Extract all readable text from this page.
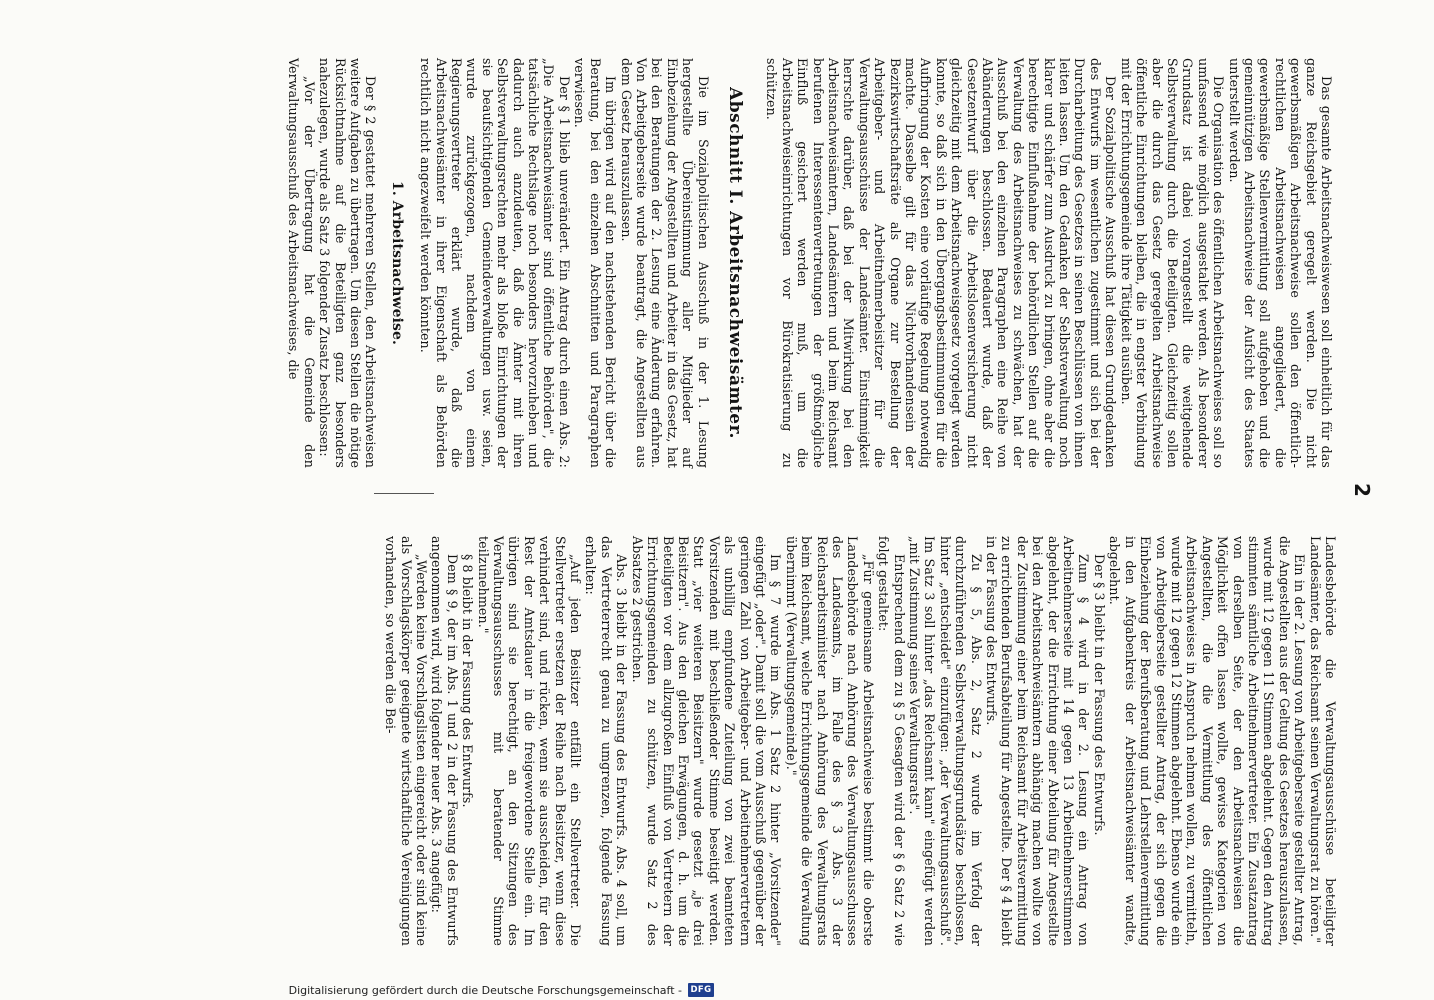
2

Das gesamte Arbeitsnachweiswesen soll einheitlich für das ganze Reichsgebiet geregelt werden. Die nicht gewerbsmäßigen Arbeitsnachweise sollen den öffentlich-rechtlichen Arbeitsnachweisen angegliedert, die gewerbsmäßige Stellenvermittlung soll aufgehoben und die gemeinnützigen Arbeitsnachweise der Aufsicht des Staates unterstellt werden.

Die Organisation des öffentlichen Arbeitsnachweises soll so umfassend wie möglich ausgestaltet werden. Als besonderer Grundsatz ist dabei vorangestellt die weitgehende Selbstverwaltung durch die Beteiligten. Gleichzeitig sollen aber die durch das Gesetz geregelten Arbeitsnachweise öffentliche Einrichtungen bleiben, die in engster Verbindung mit der Errichtungsgemeinde ihre Tätigkeit ausüben.

Der Sozialpolitische Ausschuß hat diesen Grundgedanken des Entwurfs im wesentlichen zugestimmt und sich bei der Durcharbeitung des Gesetzes in seinen Beschlüssen von ihnen leiten lassen. Um den Gedanken der Selbstverwaltung noch klarer und schärfer zum Ausdruck zu bringen, ohne aber die berechtigte Einflußnahme der behördlichen Stellen auf die Verwaltung des Arbeitsnachweises zu schwächen, hat der Ausschuß bei den einzelnen Paragraphen eine Reihe von Abänderungen beschlossen. Bedauert wurde, daß der Gesetzentwurf über die Arbeitslosenversicherung nicht gleichzeitig mit dem Arbeitsnachweisgesetz vorgelegt werden konnte, so daß sich in den Übergangsbestimmungen für die Aufbringung der Kosten eine vorläufige Regelung notwendig machte. Dasselbe gilt für das Nichtvorhandensein der Bezirkswirtschaftsräte als Organe zur Bestellung der Arbeitgeber- und Arbeitnehmerbeisitzer für die Verwaltungsausschüsse der Landesämter. Einstimmigkeit herrschte darüber, daß bei der Mitwirkung bei den Arbeitsnachweisämtern, Landesämtern und beim Reichsamt berufenen Interessentenvertretungen der größtmögliche Einfluß gesichert werden muß, um die Arbeitsnachweiseinrichtungen vor Bürokratisierung zu schützen.

Abschnitt I. Arbeitsnachweisämter.

Die im Sozialpolitischen Ausschuß in der 1. Lesung hergestellte Übereinstimmung aller Mitglieder auf Einbeziehung der Angestellten und Arbeiter in das Gesetz, hat bei den Beratungen der 2. Lesung eine Änderung erfahren. Von Arbeitgeberseite wurde beantragt, die Angestellten aus dem Gesetz herauszulassen.

Im übrigen wird auf den nachstehenden Bericht über die Beratung, bei den einzelnen Abschnitten und Paragraphen verwiesen.

Der § 1 blieb unverändert. Ein Antrag durch einen Abs. 2: „Die Arbeitsnachweisämter sind öffentliche Behörden", die tatsächliche Rechtslage noch besonders hervorzuheben und dadurch auch anzudeuten, daß die Ämter mit ihren Selbstverwaltungsrechten mehr als bloße Einrichtungen der sie beaufsichtigenden Gemeindeverwaltungen usw. seien, wurde zurückgezogen, nachdem von einem Regierungsvertreter erklärt wurde, daß die Arbeitsnachweisämter in ihrer Eigenschaft als Behörden rechtlich nicht angezweifelt werden könnten.

1. Arbeitsnachweise.

Der § 2 gestattet mehreren Stellen, den Arbeitsnachweisen weitere Aufgaben zu übertragen. Um diesen Stellen die nötige Rücksichtnahme auf die Beteiligten ganz besonders nahezulegen, wurde als Satz 3 folgender Zusatz beschlossen:

„Vor der Übertragung hat die Gemeinde den Verwaltungsausschuß des Arbeitsnachweises, die

Landesbehörde die Verwaltungsausschüsse beteiligter Landesämter, das Reichsamt seinen Verwaltungsrat zu hören."

Ein in der 2. Lesung von Arbeitgeberseite gestellter Antrag, die Angestellten aus der Geltung des Gesetzes herauszulassen, wurde mit 12 gegen 11 Stimmen abgelehnt. Gegen den Antrag stimmten sämtliche Arbeitnehmervertreter. Ein Zusatzantrag von derselben Seite, der den Arbeitsnachweisen die Möglichkeit offen lassen wollte, gewisse Kategorien von Angestellten, die die Vermittlung des öffentlichen Arbeitsnachweises in Anspruch nehmen wollen, zu vermitteln, wurde mit 12 gegen 12 Stimmen abgelehnt. Ebenso wurde ein von Arbeitgeberseite gestellter Antrag, der sich gegen die Einbeziehung der Berufsberatung und Lehrstellenvermittlung in den Aufgabenkreis der Arbeitsnachweisämter wandte, abgelehnt.

Der § 3 bleibt in der Fassung des Entwurfs.

Zum § 4 wird in der 2. Lesung ein Antrag von Arbeitnehmerseite mit 14 gegen 13 Arbeitnehmerstimmen abgelehnt, der die Errichtung einer Abteilung für Angestellte bei den Arbeitsnachweisämtern abhängig machen wollte von der Zustimmung einer beim Reichsamt für Arbeitsvermittlung zu errichtenden Berufsabteilung für Angestellte. Der § 4 bleibt in der Fassung des Entwurfs.

Zu § 5, Abs. 2, Satz 2 wurde im Verfolg der durchzuführenden Selbstverwaltungsgrundsätze beschlossen, hinter „entscheidet" einzufügen: „der Verwaltungsausschuß". Im Satz 3 soll hinter „das Reichsamt kann" eingefügt werden „mit Zustimmung seines Verwaltungsrats".

Entsprechend dem zu § 5 Gesagten wird der § 6 Satz 2 wie folgt gestaltet:

„Für gemeinsame Arbeitsnachweise bestimmt die oberste Landesbehörde nach Anhörung des Verwaltungsausschusses des Landesamts, im Falle des § 3 Abs. 3 der Reichsarbeitsminister nach Anhörung des Verwaltungsrats beim Reichsamt, welche Errichtungsgemeinde die Verwaltung übernimmt (Verwaltungsgemeinde)."

Im § 7 wurde im Abs. 1 Satz 2 hinter „Vorsitzender" eingefügt „oder". Damit soll die vom Ausschuß gegenüber der geringen Zahl von Arbeitgeber- und Arbeitnehmervertretern als unbillig empfundene Zuteilung von zwei beamteten Vorsitzenden mit beschließender Stimme beseitigt werden. Statt „vier weiteren Beisitzern" wurde gesetzt „je drei Beisitzern". Aus den gleichen Erwägungen, d. h. um die Beteiligten vor dem allzugroßen Einfluß von Vertretern der Errichtungsgemeinden zu schützen, wurde Satz 2 des Absatzes 2 gestrichen.

Abs. 3 bleibt in der Fassung des Entwurfs. Abs. 4 soll, um das Vertreterrecht genau zu umgrenzen, folgende Fassung erhalten:

„Auf jeden Beisitzer entfällt ein Stellvertreter. Die Stellvertreter ersetzen der Reihe nach Beisitzer, wenn diese verhindert sind, und rücken, wenn sie ausscheiden, für den Rest der Amtsdauer in die freigewordene Stelle ein. Im übrigen sind sie berechtigt, an den Sitzungen des Verwaltungsausschusses mit beratender Stimme teilzunehmen."

§ 8 bleibt in der Fassung des Entwurfs.

Dem § 9, der im Abs. 1 und 2 in der Fassung des Entwurfs angenommen wird, wird folgender neuer Abs. 3 angefügt:

„Werden keine Vorschlagslisten eingereicht oder sind keine als Vorschlagskörper geeignete wirtschaftliche Vereinigungen vorhanden, so werden die Bei-

Digitalisierung gefördert durch die Deutsche Forschungsgemeinschaft - DFG
